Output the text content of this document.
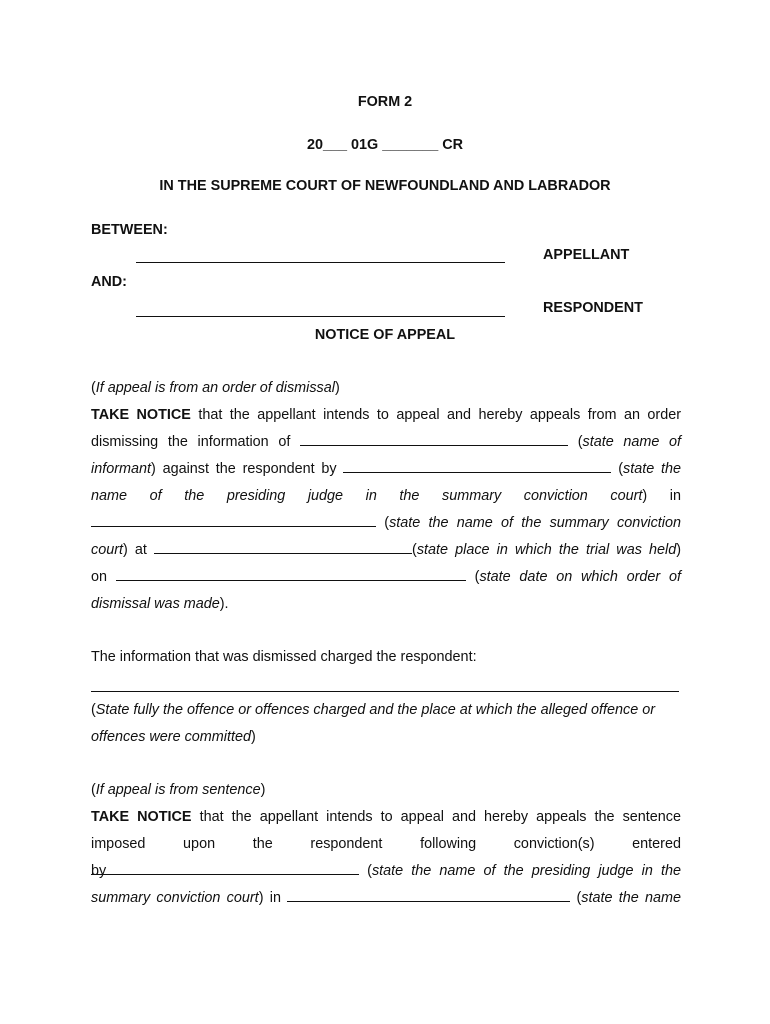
FORM 2
20___ 01G _______ CR
IN THE SUPREME COURT OF NEWFOUNDLAND AND LABRADOR
BETWEEN:
APPELLANT
AND:
RESPONDENT
NOTICE OF APPEAL
(If appeal is from an order of dismissal)
TAKE NOTICE that the appellant intends to appeal and hereby appeals from an order
dismissing the information of	(state name of
informant) against the respondent by	(state the
name of the presiding judge in the summary conviction court) in
(state the name of the summary conviction
court) at	(state place in which the trial was held)
on	(state date on which order of
dismissal was made).
The information that was dismissed charged the respondent:
(State fully the offence or offences charged and the place at which the alleged offence or
offences were committed)
(If appeal is from sentence)
TAKE NOTICE that the appellant intends to appeal and hereby appeals the sentence
imposed upon the respondent following conviction(s) entered by	(state the name of the presiding judge in the
summary conviction court) in	(state the name
